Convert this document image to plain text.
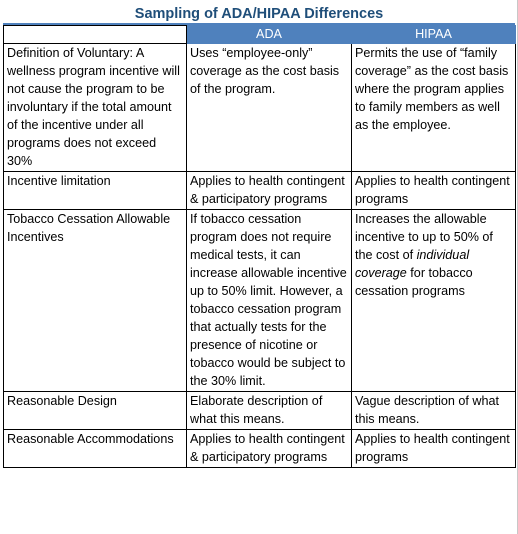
Sampling of ADA/HIPAA Differences
	ADA	HIPAA
Definition of Voluntary: A wellness program incentive will not cause the program to be involuntary if the total amount of the incentive under all programs does not exceed 30%	Uses “employee-only” coverage as the cost basis of the program.	Permits the use of “family coverage” as the cost basis where the program applies to family members as well as the employee.
Incentive limitation	Applies to health contingent & participatory programs	Applies to health contingent programs
Tobacco Cessation Allowable Incentives	If tobacco cessation program does not require medical tests, it can increase allowable incentive up to 50% limit. However, a tobacco cessation program that actually tests for the presence of nicotine or tobacco would be subject to the 30% limit.	Increases the allowable incentive to up to 50% of the cost of individual coverage for tobacco cessation programs
Reasonable Design	Elaborate description of what this means.	Vague description of what this means.
Reasonable Accommodations	Applies to health contingent & participatory programs	Applies to health contingent programs
